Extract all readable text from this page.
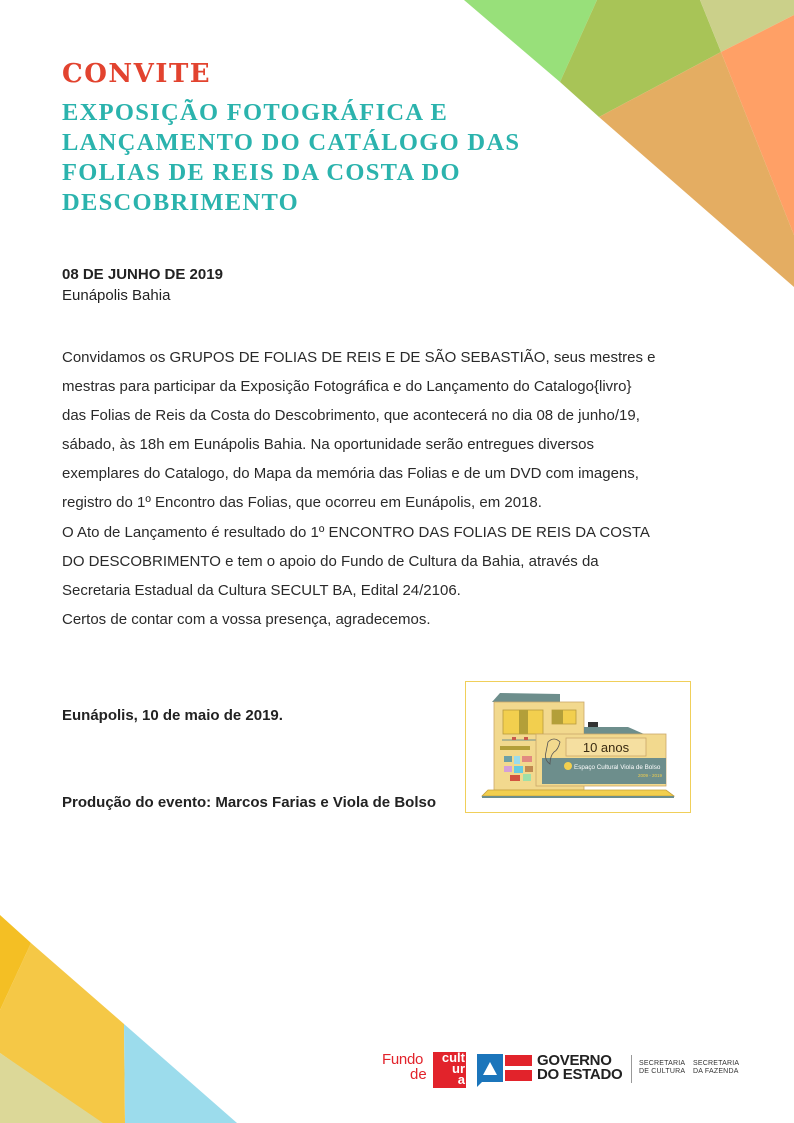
CONVITE
EXPOSIÇÃO FOTOGRÁFICA E
LANÇAMENTO DO CATÁLOGO DAS
FOLIAS DE REIS DA COSTA DO
DESCOBRIMENTO
08 DE JUNHO DE 2019
Eunápolis Bahia

Convidamos os GRUPOS DE FOLIAS DE REIS E DE SÃO SEBASTIÃO, seus mestres e

mestras para participar da Exposição Fotográfica e do Lançamento do Catalogo{livro}

das Folias de Reis da Costa do Descobrimento, que acontecerá no dia 08 de junho/19,

sábado, às 18h em Eunápolis Bahia. Na oportunidade serão entregues diversos

exemplares do Catalogo, do Mapa da memória das Folias e de um DVD com imagens,

registro do 1º Encontro das Folias, que ocorreu em Eunápolis, em 2018.

O Ato de Lançamento é resultado do 1º ENCONTRO DAS FOLIAS DE REIS DA COSTA

DO DESCOBRIMENTO e tem o apoio do Fundo de Cultura da Bahia, através da

Secretaria Estadual da Cultura SECULT BA, Edital 24/2106.

Certos de contar com a vossa presença, agradecemos.

Eunápolis, 10 de maio de 2019.
Produção do evento: Marcos Farias e Viola de Bolso
10 anos
Espaço Cultural Viola de Bolso
2009 - 2019
Fundo
de
cult
ur
a
GOVERNO
DO ESTADO
SECRETARIA
DE CULTURA
SECRETARIA
DA FAZENDA
